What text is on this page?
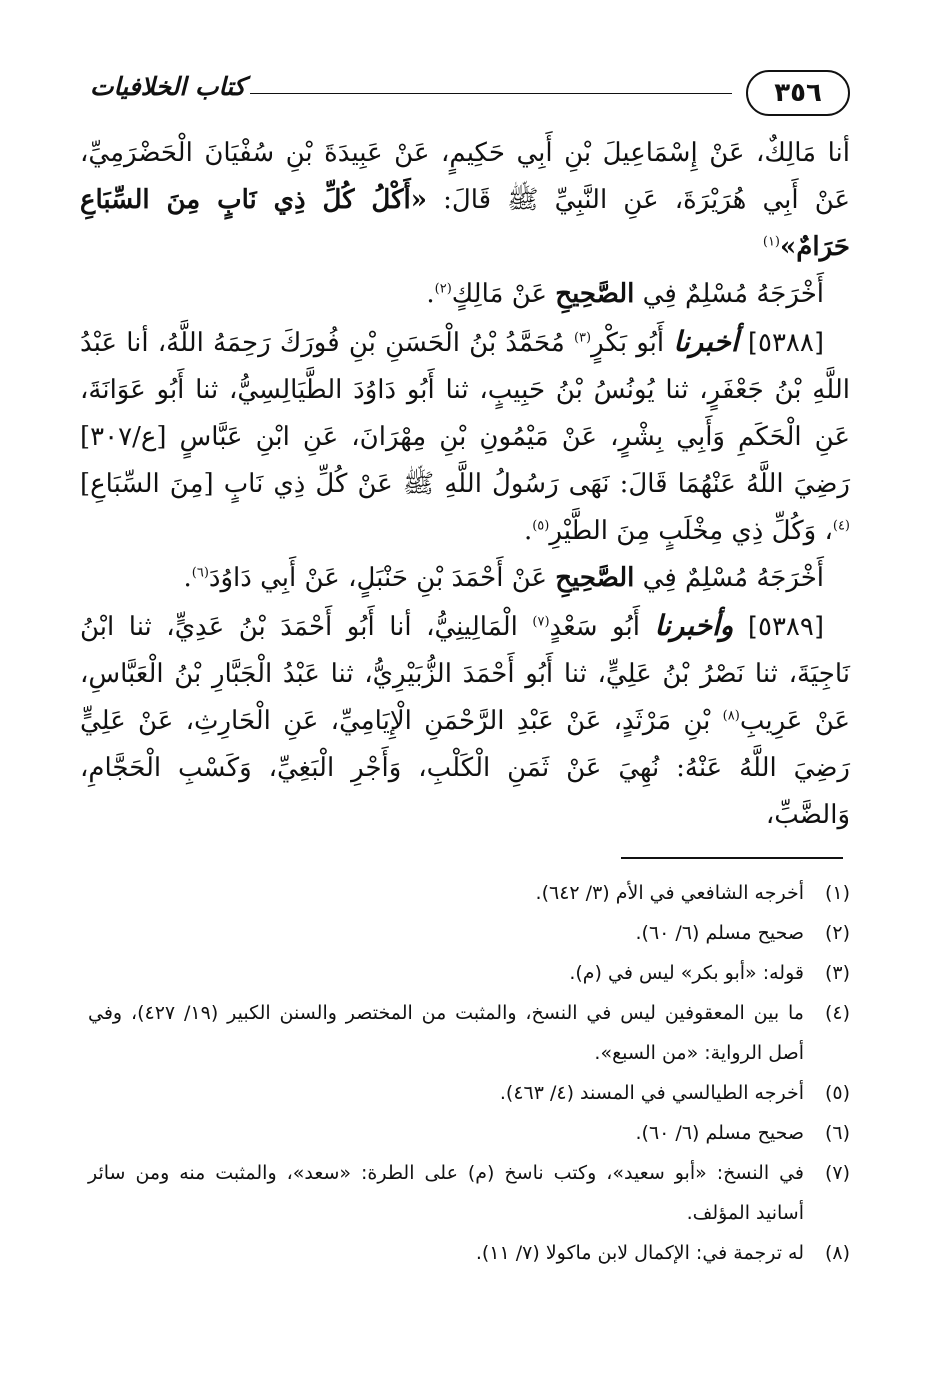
٣٥٦
كتاب الخلافيات

أنا مَالِكٌ، عَنْ إِسْمَاعِيلَ بْنِ أَبِي حَكِيمٍ، عَنْ عَبِيدَةَ بْنِ سُفْيَانَ الْحَضْرَمِيِّ، عَنْ أَبِي هُرَيْرَةَ، عَنِ النَّبِيِّ ﷺ قَالَ: «أَكْلُ كُلِّ ذِي نَابٍ مِنَ السِّبَاعِ حَرَامٌ»$^{(١)}$

أَخْرَجَهُ مُسْلِمٌ فِي الصَّحِيحِ عَنْ مَالِكٍ$^{(٢)}$.

[٥٣٨٨] أخبرنا أَبُو بَكْرٍ$^{(٣)}$ مُحَمَّدُ بْنُ الْحَسَنِ بْنِ فُورَكَ رَحِمَهُ اللَّهُ، أنا عَبْدُ اللَّهِ بْنُ جَعْفَرٍ، ثنا يُونُسُ بْنُ حَبِيبٍ، ثنا أَبُو دَاوُدَ الطَّيَالِسِيُّ، ثنا أَبُو عَوَانَةَ، عَنِ الْحَكَمِ وَأَبِي بِشْرٍ، عَنْ مَيْمُونِ بْنِ مِهْرَانَ، عَنِ ابْنِ عَبَّاسٍ [ع/٣٠٧] رَضِيَ اللَّهُ عَنْهُمَا قَالَ: نَهَى رَسُولُ اللَّهِ ﷺ عَنْ كُلِّ ذِي نَابٍ [مِنَ السِّبَاعِ]$^{(٤)}$، وَكُلِّ ذِي مِخْلَبٍ مِنَ الطَّيْرِ$^{(٥)}$.

أَخْرَجَهُ مُسْلِمٌ فِي الصَّحِيحِ عَنْ أَحْمَدَ بْنِ حَنْبَلٍ، عَنْ أَبِي دَاوُدَ$^{(٦)}$.

[٥٣٨٩] وأخبرنا أَبُو سَعْدٍ$^{(٧)}$ الْمَالِينِيُّ، أنا أَبُو أَحْمَدَ بْنُ عَدِيٍّ، ثنا ابْنُ نَاجِيَةَ، ثنا نَصْرُ بْنُ عَلِيٍّ، ثنا أَبُو أَحْمَدَ الزُّبَيْرِيُّ، ثنا عَبْدُ الْجَبَّارِ بْنُ الْعَبَّاسِ، عَنْ عَرِيبِ$^{(٨)}$ بْنِ مَرْثَدٍ، عَنْ عَبْدِ الرَّحْمَنِ الْإِيَامِيِّ، عَنِ الْحَارِثِ، عَنْ عَلِيٍّ رَضِيَ اللَّهُ عَنْهُ: نُهِيَ عَنْ ثَمَنِ الْكَلْبِ، وَأَجْرِ الْبَغِيِّ، وَكَسْبِ الْحَجَّامِ، وَالضَّبِّ،

(١)
أخرجه الشافعي في الأم (٣/ ٦٤٢).
(٢)
صحيح مسلم (٦/ ٦٠).
(٣)
قوله: «أبو بكر» ليس في (م).
(٤)
ما بين المعقوفين ليس في النسخ، والمثبت من المختصر والسنن الكبير (١٩/ ٤٢٧)، وفي أصل الرواية: «من السبع».
(٥)
أخرجه الطيالسي في المسند (٤/ ٤٦٣).
(٦)
صحيح مسلم (٦/ ٦٠).
(٧)
في النسخ: «أبو سعيد»، وكتب ناسخ (م) على الطرة: «سعد»، والمثبت منه ومن سائر أسانيد المؤلف.
(٨)
له ترجمة في: الإكمال لابن ماكولا (٧/ ١١).
